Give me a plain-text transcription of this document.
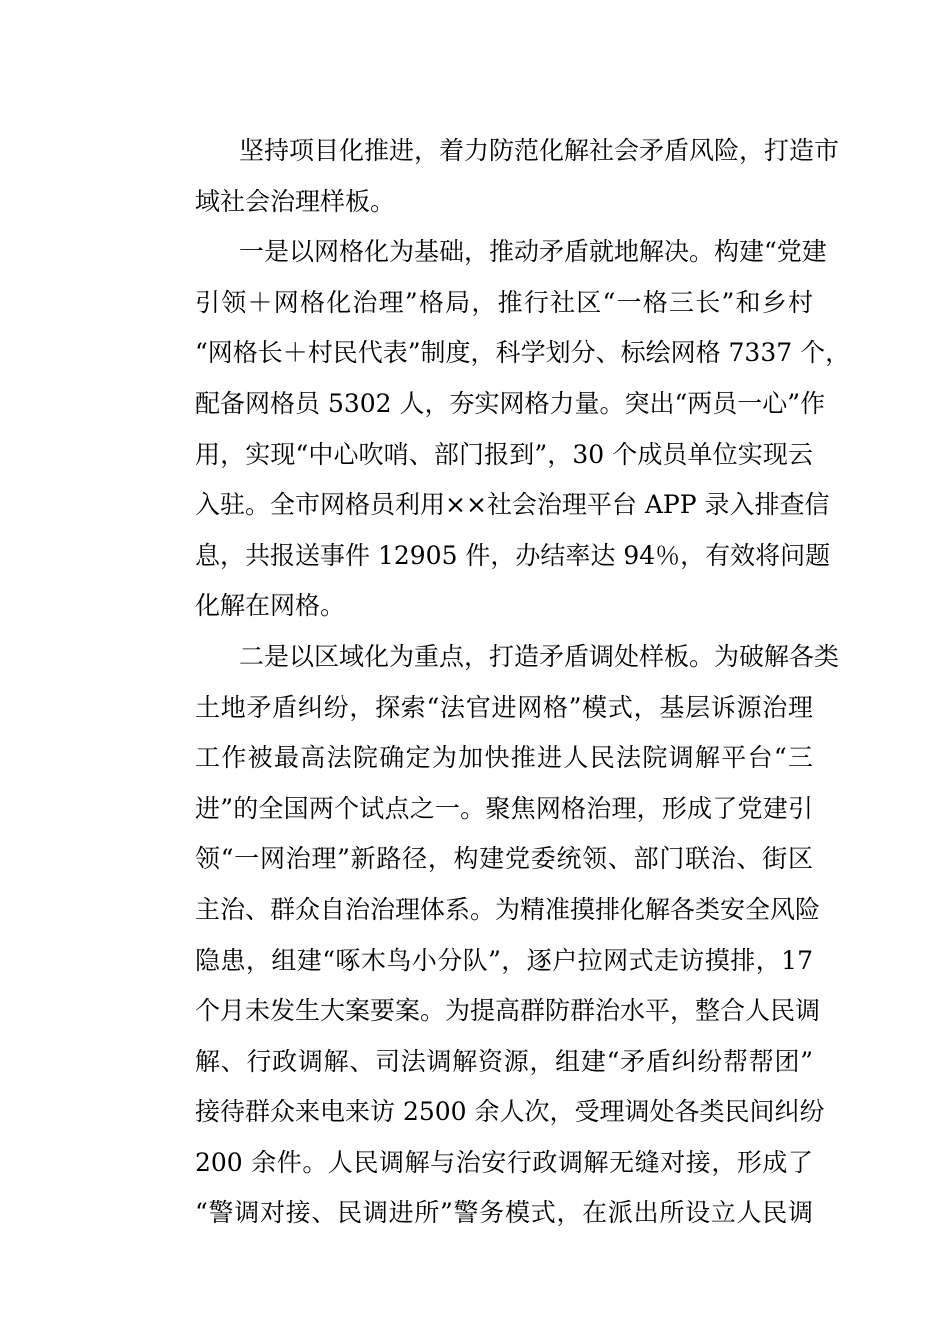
坚持项目化推进，着力防范化解社会矛盾风险，打造市
域社会治理样板。
一是以网格化为基础，推动矛盾就地解决。构建“党建
引领＋网格化治理”格局，推行社区“一格三长”和乡村
“网格长＋村民代表”制度，科学划分、标绘网格 7337 个，
配备网格员 5302 人，夯实网格力量。突出“两员一心”作
用，实现“中心吹哨、部门报到”，30 个成员单位实现云
入驻。全市网格员利用××社会治理平台 APP 录入排查信
息，共报送事件 12905 件，办结率达 94％，有效将问题
化解在网格。
二是以区域化为重点，打造矛盾调处样板。为破解各类
土地矛盾纠纷，探索“法官进网格”模式，基层诉源治理
工作被最高法院确定为加快推进人民法院调解平台“三
进”的全国两个试点之一。聚焦网格治理，形成了党建引
领“一网治理”新路径，构建党委统领、部门联治、街区
主治、群众自治治理体系。为精准摸排化解各类安全风险
隐患，组建“啄木鸟小分队”，逐户拉网式走访摸排，17
个月未发生大案要案。为提高群防群治水平，整合人民调
解、行政调解、司法调解资源，组建“矛盾纠纷帮帮团”
接待群众来电来访 2500 余人次，受理调处各类民间纠纷
200 余件。人民调解与治安行政调解无缝对接，形成了
“警调对接、民调进所”警务模式，在派出所设立人民调
